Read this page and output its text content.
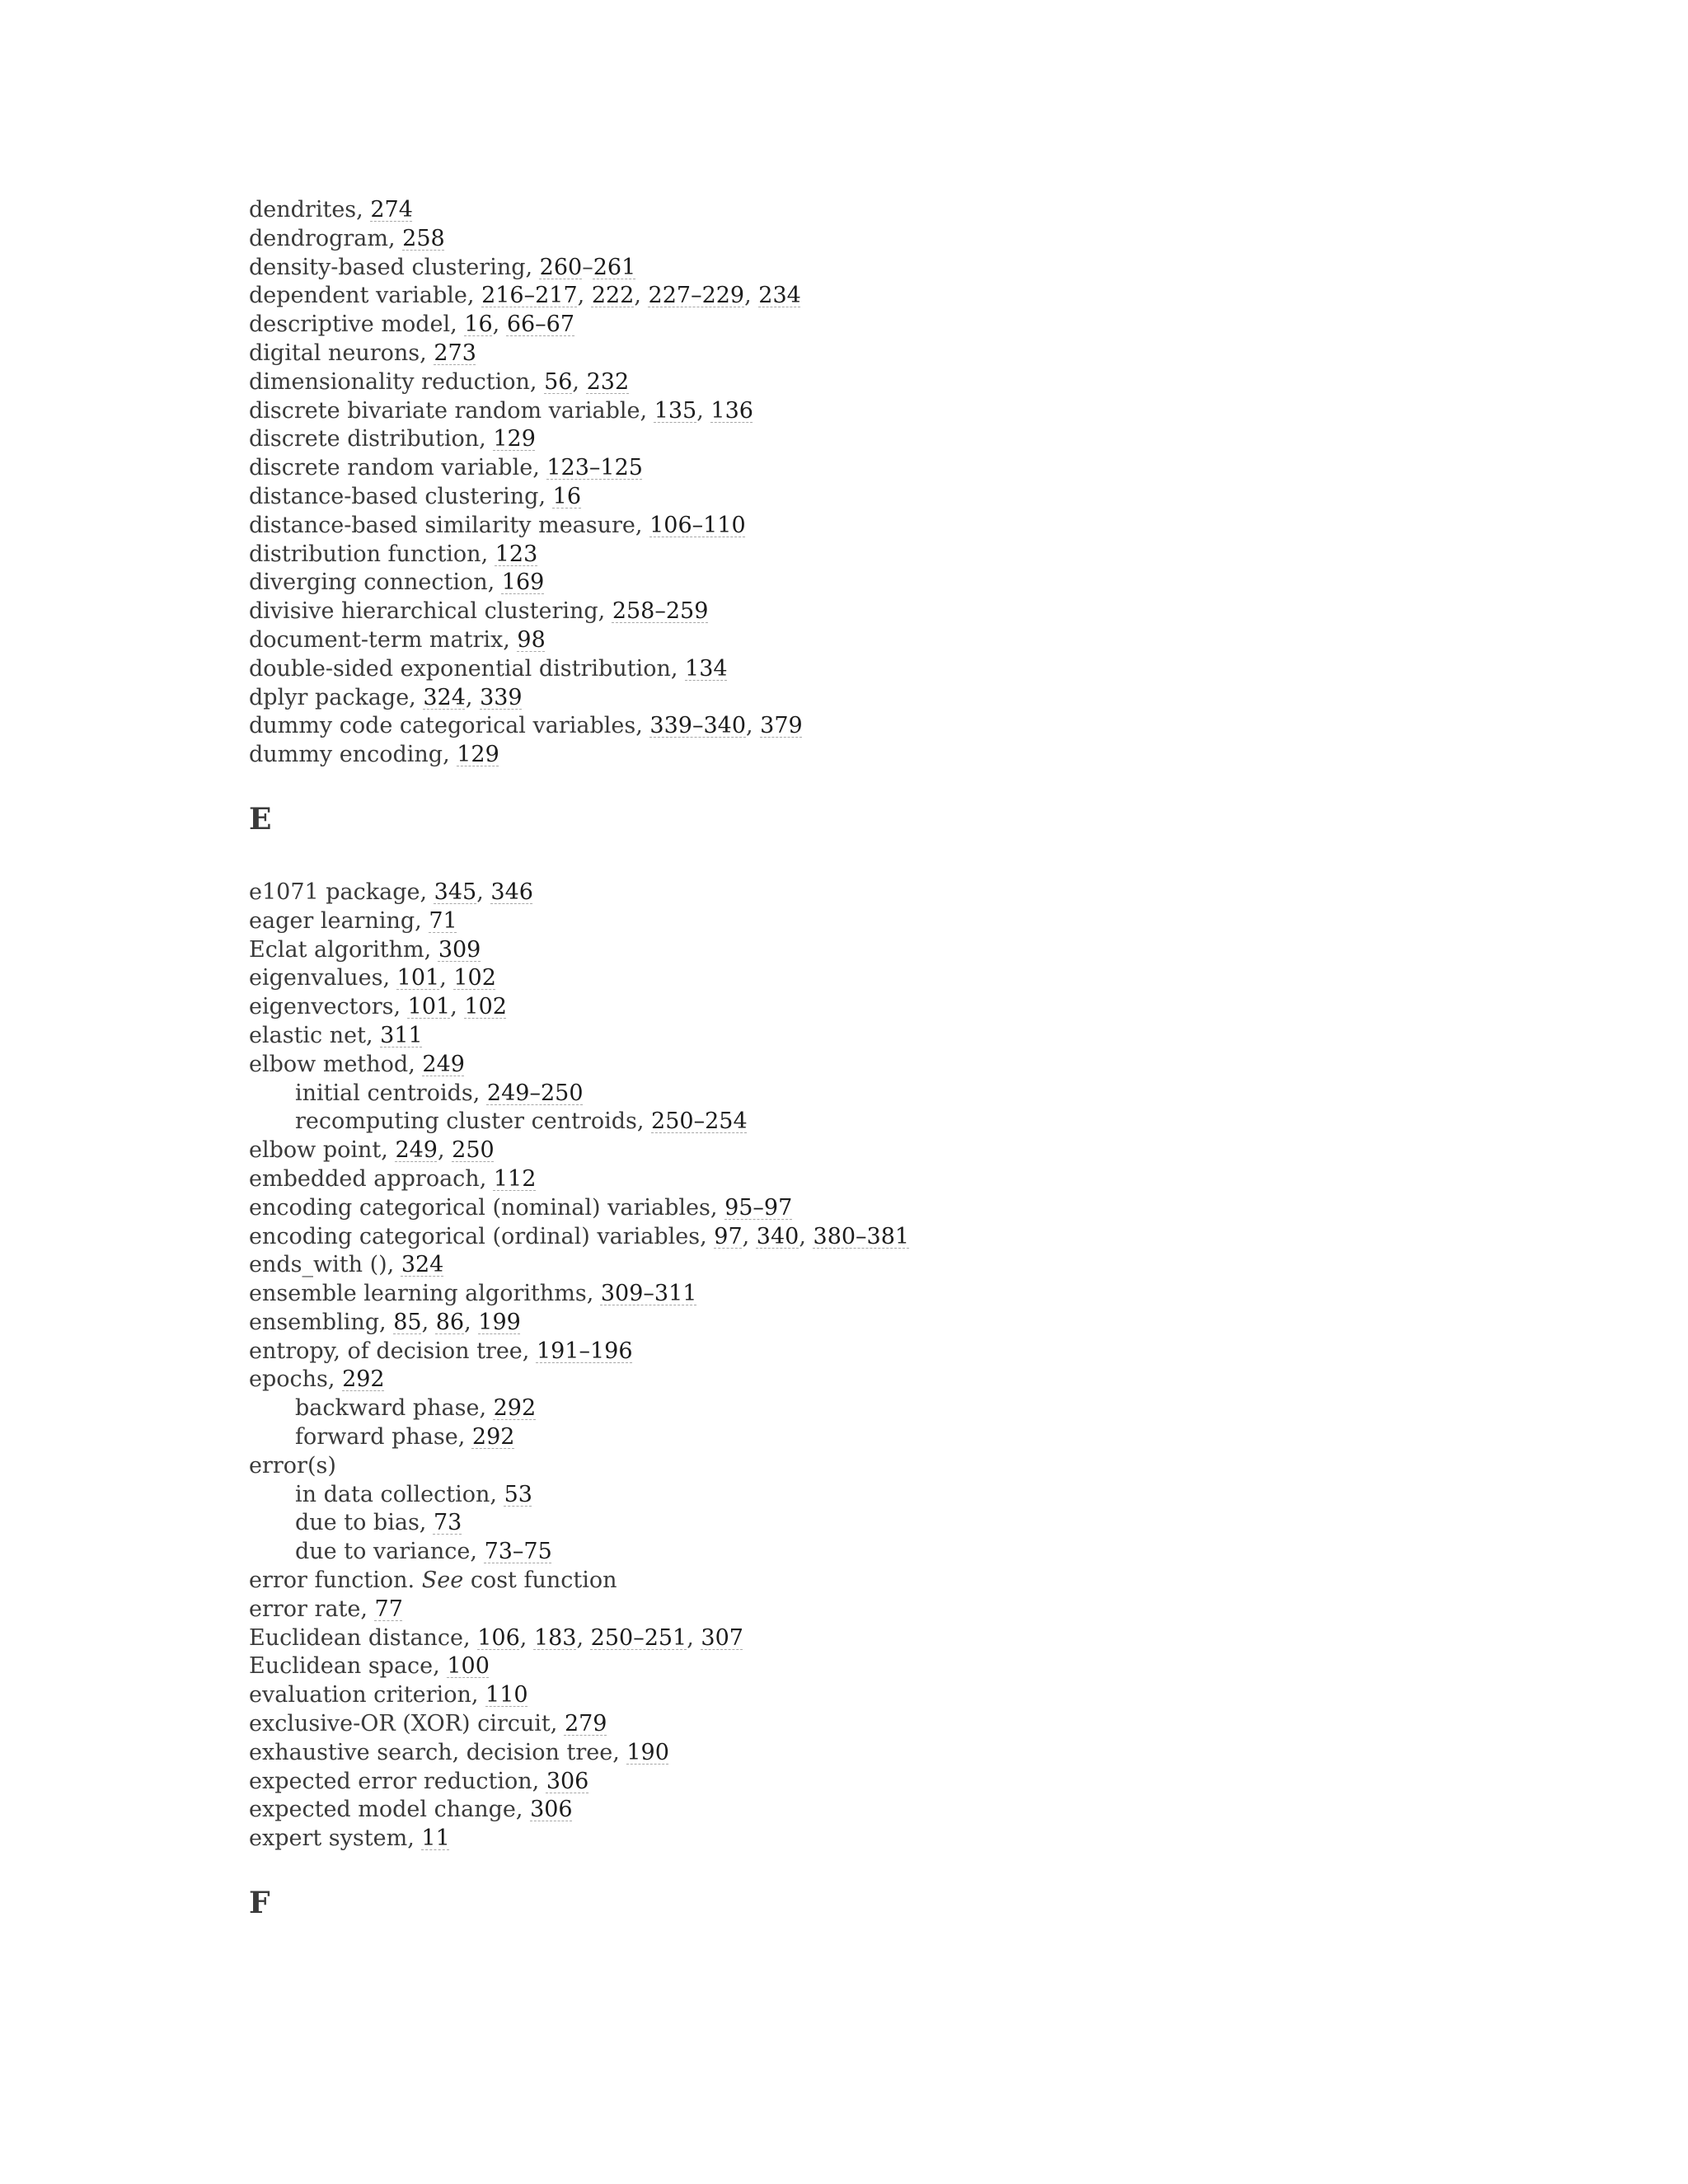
dendrites, 274
dendrogram, 258
density-based clustering, 260–261
dependent variable, 216–217, 222, 227–229, 234
descriptive model, 16, 66–67
digital neurons, 273
dimensionality reduction, 56, 232
discrete bivariate random variable, 135, 136
discrete distribution, 129
discrete random variable, 123–125
distance-based clustering, 16
distance-based similarity measure, 106–110
distribution function, 123
diverging connection, 169
divisive hierarchical clustering, 258–259
document-term matrix, 98
double-sided exponential distribution, 134
dplyr package, 324, 339
dummy code categorical variables, 339–340, 379
dummy encoding, 129
E
e1071 package, 345, 346
eager learning, 71
Eclat algorithm, 309
eigenvalues, 101, 102
eigenvectors, 101, 102
elastic net, 311
elbow method, 249
initial centroids, 249–250
recomputing cluster centroids, 250–254
elbow point, 249, 250
embedded approach, 112
encoding categorical (nominal) variables, 95–97
encoding categorical (ordinal) variables, 97, 340, 380–381
ends_with (), 324
ensemble learning algorithms, 309–311
ensembling, 85, 86, 199
entropy, of decision tree, 191–196
epochs, 292
backward phase, 292
forward phase, 292
error(s)
in data collection, 53
due to bias, 73
due to variance, 73–75
error function. See cost function
error rate, 77
Euclidean distance, 106, 183, 250–251, 307
Euclidean space, 100
evaluation criterion, 110
exclusive-OR (XOR) circuit, 279
exhaustive search, decision tree, 190
expected error reduction, 306
expected model change, 306
expert system, 11
F
